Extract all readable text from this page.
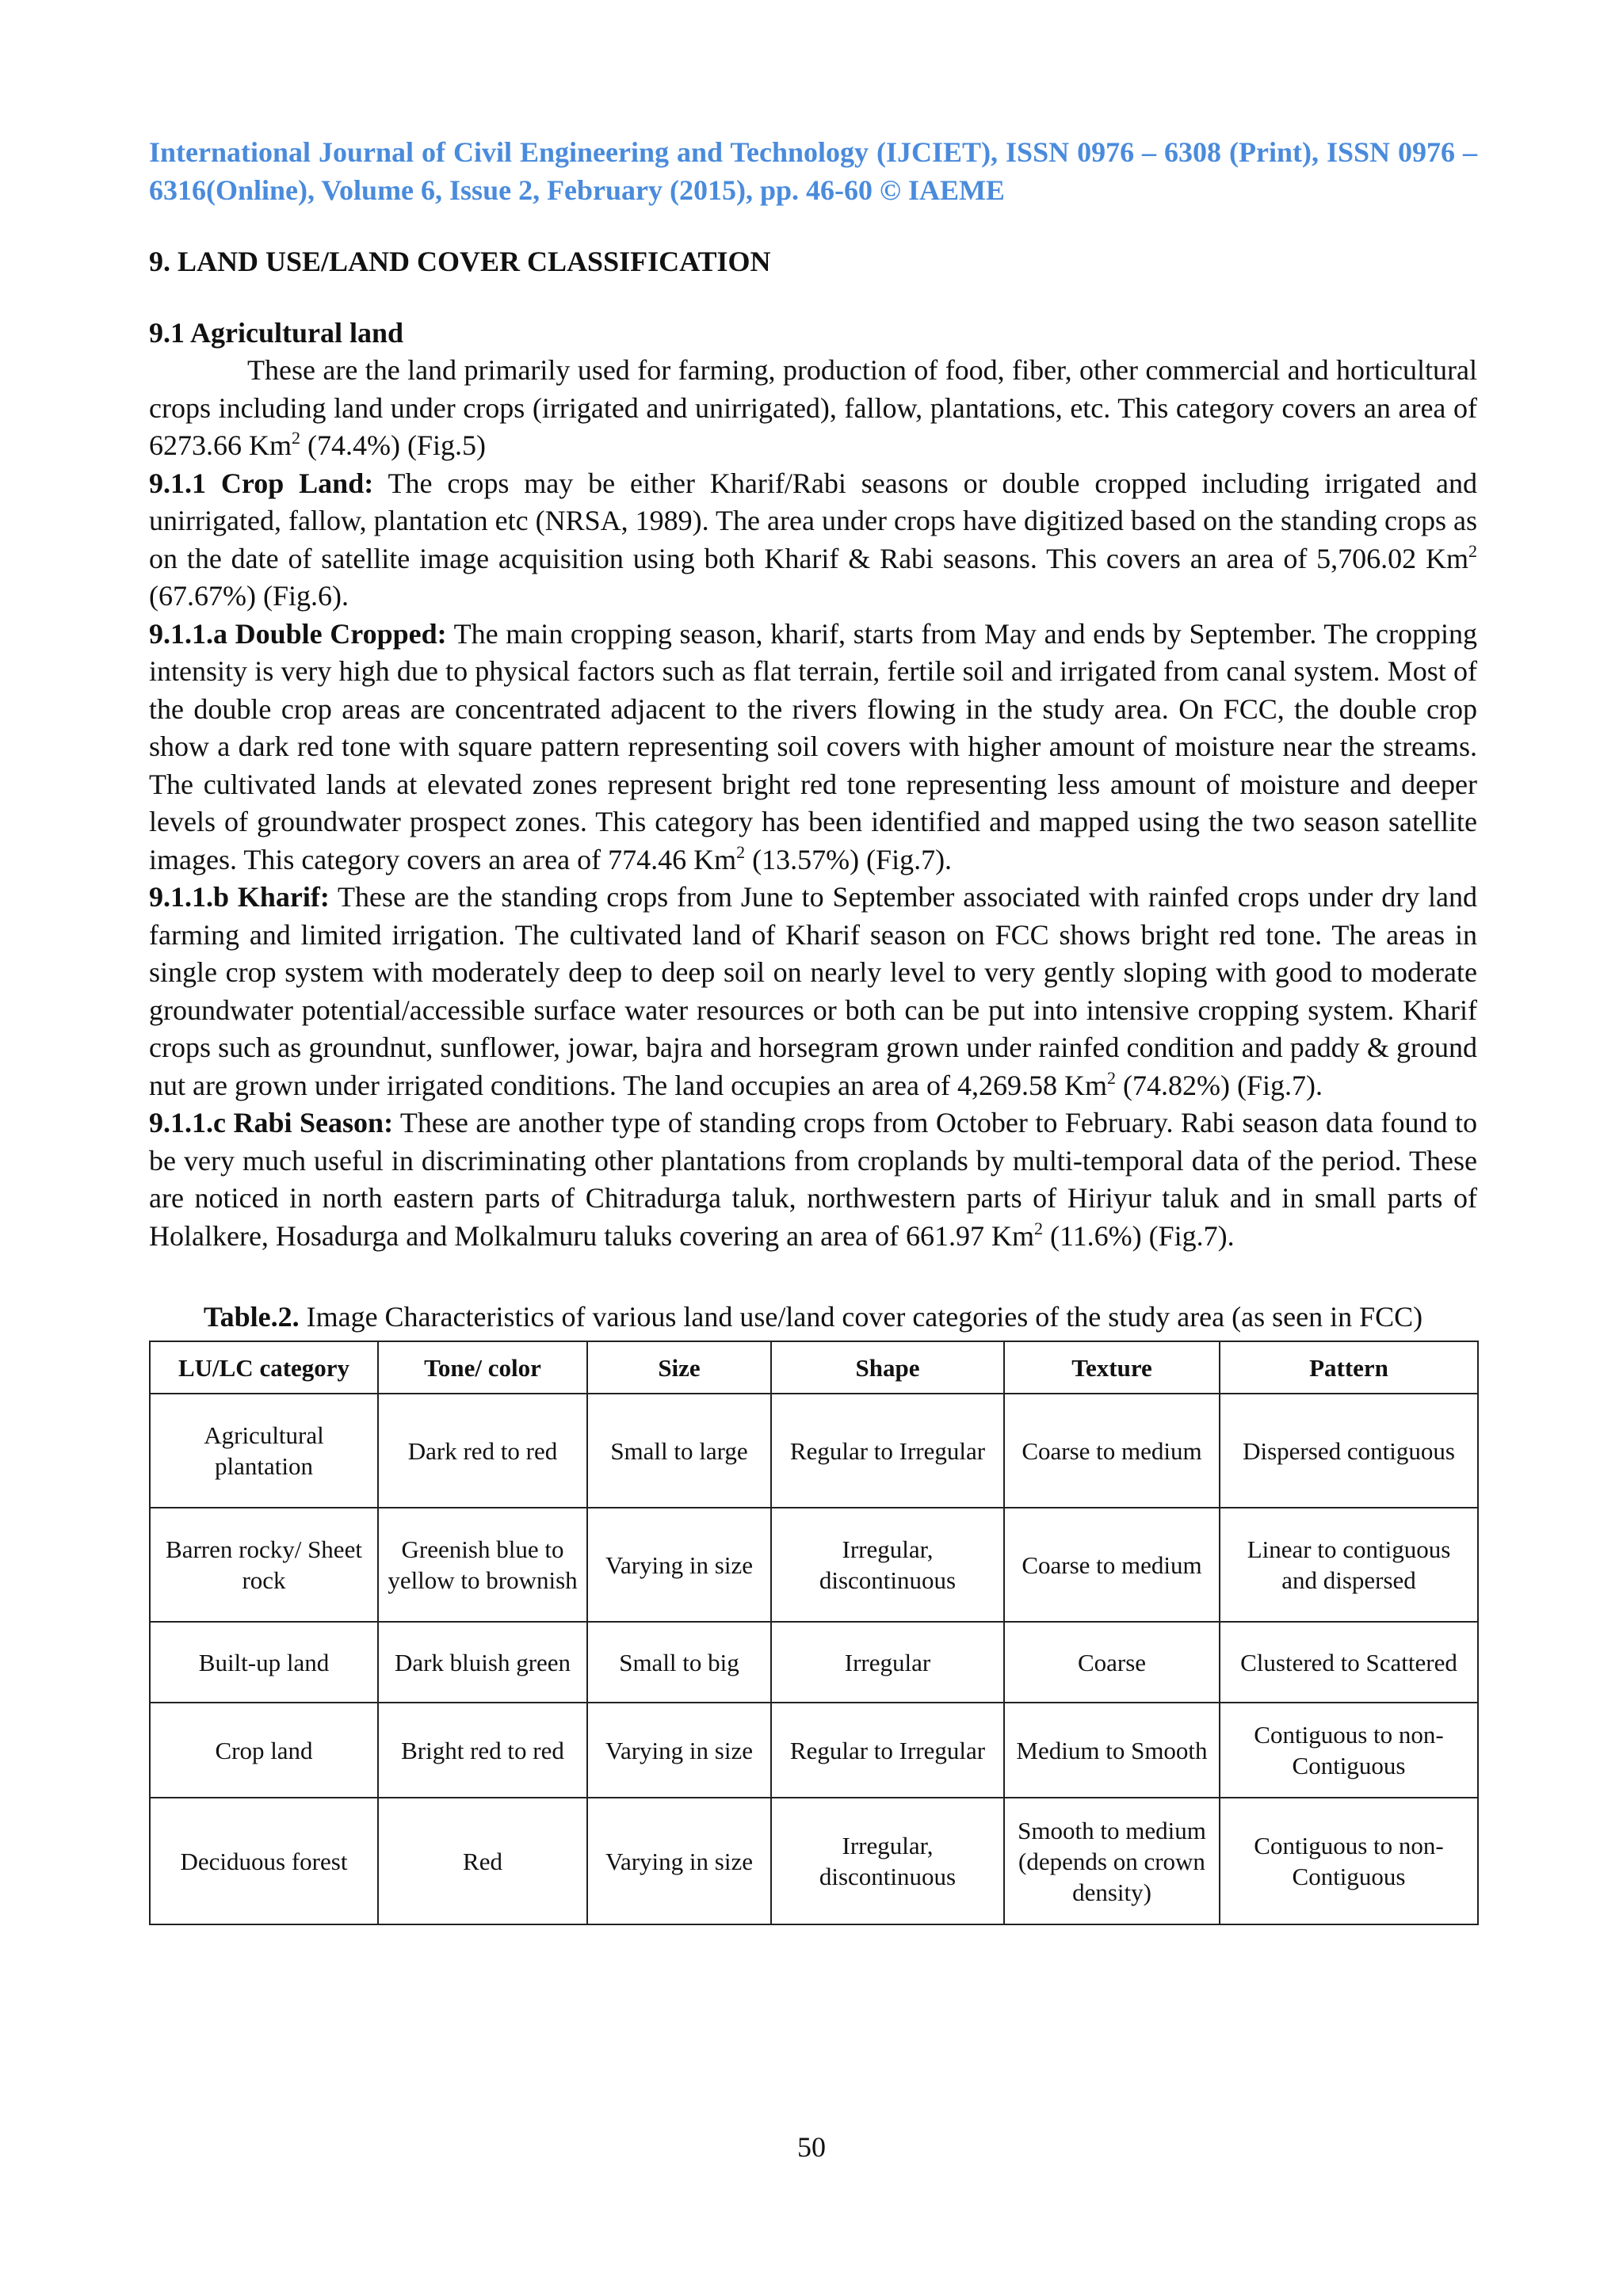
International Journal of Civil Engineering and Technology (IJCIET), ISSN 0976 – 6308 (Print), ISSN 0976 – 6316(Online), Volume 6, Issue 2, February (2015), pp. 46-60 © IAEME

9. LAND USE/LAND COVER CLASSIFICATION
9.1 Agricultural land

These are the land primarily used for farming, production of food, fiber, other commercial and horticultural crops including land under crops (irrigated and unirrigated), fallow, plantations, etc. This category covers an area of 6273.66 Km$^2$ (74.4%) (Fig.5)

9.1.1 Crop Land: The crops may be either Kharif/Rabi seasons or double cropped including irrigated and unirrigated, fallow, plantation etc (NRSA, 1989). The area under crops have digitized based on the standing crops as on the date of satellite image acquisition using both Kharif & Rabi seasons. This covers an area of 5,706.02 Km$^2$ (67.67%) (Fig.6).

9.1.1.a Double Cropped: The main cropping season, kharif, starts from May and ends by September. The cropping intensity is very high due to physical factors such as flat terrain, fertile soil and irrigated from canal system. Most of the double crop areas are concentrated adjacent to the rivers flowing in the study area. On FCC, the double crop show a dark red tone with square pattern representing soil covers with higher amount of moisture near the streams. The cultivated lands at elevated zones represent bright red tone representing less amount of moisture and deeper levels of groundwater prospect zones. This category has been identified and mapped using the two season satellite images. This category covers an area of 774.46 Km$^2$ (13.57%) (Fig.7).

9.1.1.b Kharif: These are the standing crops from June to September associated with rainfed crops under dry land farming and limited irrigation. The cultivated land of Kharif season on FCC shows bright red tone. The areas in single crop system with moderately deep to deep soil on nearly level to very gently sloping with good to moderate groundwater potential/accessible surface water resources or both can be put into intensive cropping system. Kharif crops such as groundnut, sunflower, jowar, bajra and horsegram grown under rainfed condition and paddy & ground nut are grown under irrigated conditions. The land occupies an area of 4,269.58 Km$^2$ (74.82%) (Fig.7).

9.1.1.c Rabi Season: These are another type of standing crops from October to February. Rabi season data found to be very much useful in discriminating other plantations from croplands by multi-temporal data of the period. These are noticed in north eastern parts of Chitradurga taluk, northwestern parts of Hiriyur taluk and in small parts of Holalkere, Hosadurga and Molkalmuru taluks covering an area of 661.97 Km$^2$ (11.6%) (Fig.7).

Table.2. Image Characteristics of various land use/land cover categories of the study area (as seen in FCC)
LU/LC category	Tone/ color	Size	Shape	Texture	Pattern
Agricultural plantation	Dark red to red	Small to large	Regular to Irregular	Coarse to medium	Dispersed contiguous
Barren rocky/ Sheet rock	Greenish blue to yellow to brownish	Varying in size	Irregular, discontinuous	Coarse to medium	Linear to contiguous and dispersed
Built-up land	Dark bluish green	Small to big	Irregular	Coarse	Clustered to Scattered
Crop land	Bright red to red	Varying in size	Regular to Irregular	Medium to Smooth	Contiguous to non-Contiguous
Deciduous forest	Red	Varying in size	Irregular, discontinuous	Smooth to medium (depends on crown density)	Contiguous to non-Contiguous
50
